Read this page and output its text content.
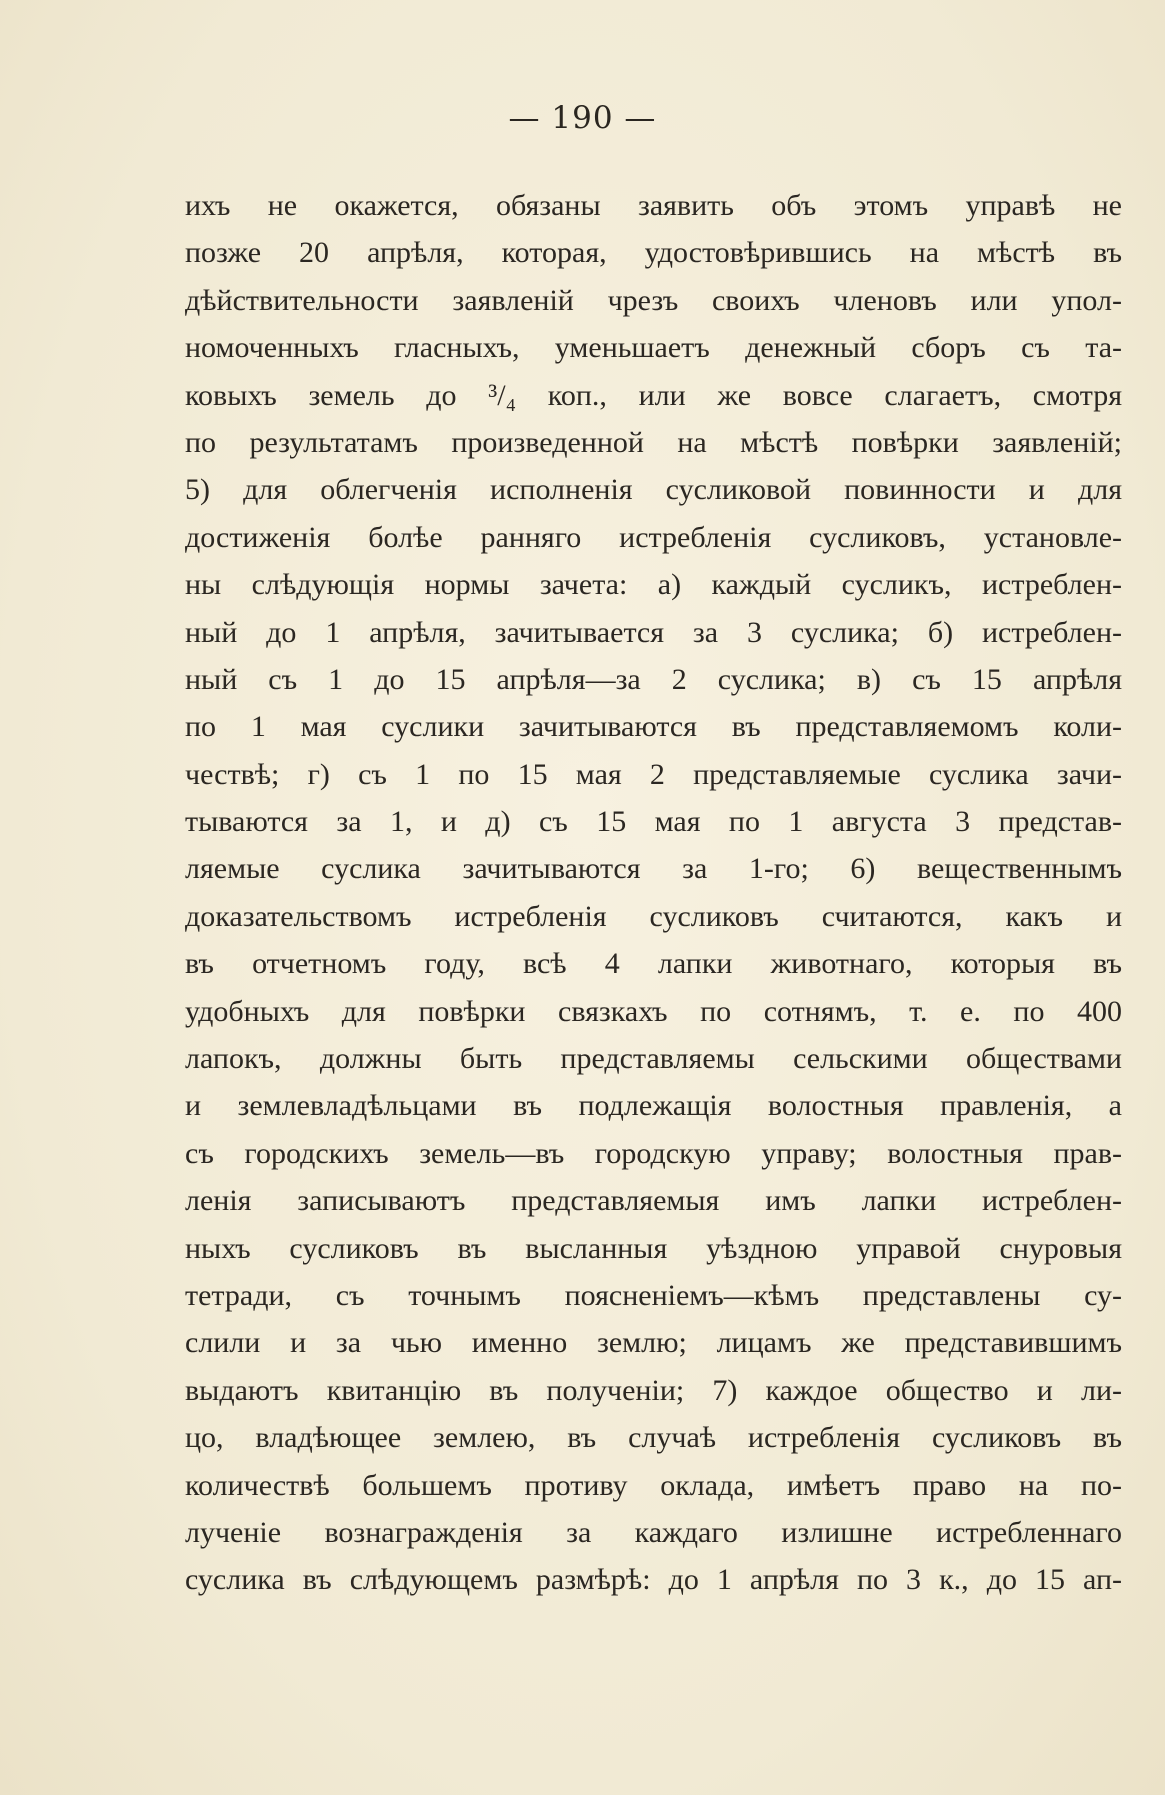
— 190 —
ихъ не окажется, обязаны заявить объ этомъ управѣ не
позже 20 апрѣля, которая, удостовѣрившись на мѣстѣ въ
дѣйствительности заявленій чрезъ своихъ членовъ или упол-
номоченныхъ гласныхъ, уменьшаетъ денежный сборъ съ та-
ковыхъ земель до ³/₄ коп., или же вовсе слагаетъ, смотря
по результатамъ произведенной на мѣстѣ повѣрки заявленій;
5) для облегченія исполненія сусликовой повинности и для
достиженія болѣе ранняго истребленія сусликовъ, установле-
ны слѣдующія нормы зачета: а) каждый сусликъ, истреблен-
ный до 1 апрѣля, зачитывается за 3 суслика; б) истреблен-
ный съ 1 до 15 апрѣля—за 2 суслика; в) съ 15 апрѣля
по 1 мая суслики зачитываются въ представляемомъ коли-
чествѣ; г) съ 1 по 15 мая 2 представляемые суслика зачи-
тываются за 1, и д) съ 15 мая по 1 августа 3 представ-
ляемые суслика зачитываются за 1-го; 6) вещественнымъ
доказательствомъ истребленія сусликовъ считаются, какъ и
въ отчетномъ году, всѣ 4 лапки животнаго, которыя въ
удобныхъ для повѣрки связкахъ по сотнямъ, т. е. по 400
лапокъ, должны быть представляемы сельскими обществами
и землевладѣльцами въ подлежащія волостныя правленія, а
съ городскихъ земель—въ городскую управу; волостныя прав-
ленія записываютъ представляемыя имъ лапки истреблен-
ныхъ сусликовъ въ высланныя уѣздною управой снуровыя
тетради, съ точнымъ поясненіемъ—кѣмъ представлены су-
слили и за чью именно землю; лицамъ же представившимъ
выдаютъ квитанцію въ полученіи; 7) каждое общество и ли-
цо, владѣющее землею, въ случаѣ истребленія сусликовъ въ
количествѣ большемъ противу оклада, имѣетъ право на по-
лученіе вознагражденія за каждаго излишне истребленнаго
суслика въ слѣдующемъ размѣрѣ: до 1 апрѣля по 3 к., до 15 ап-
